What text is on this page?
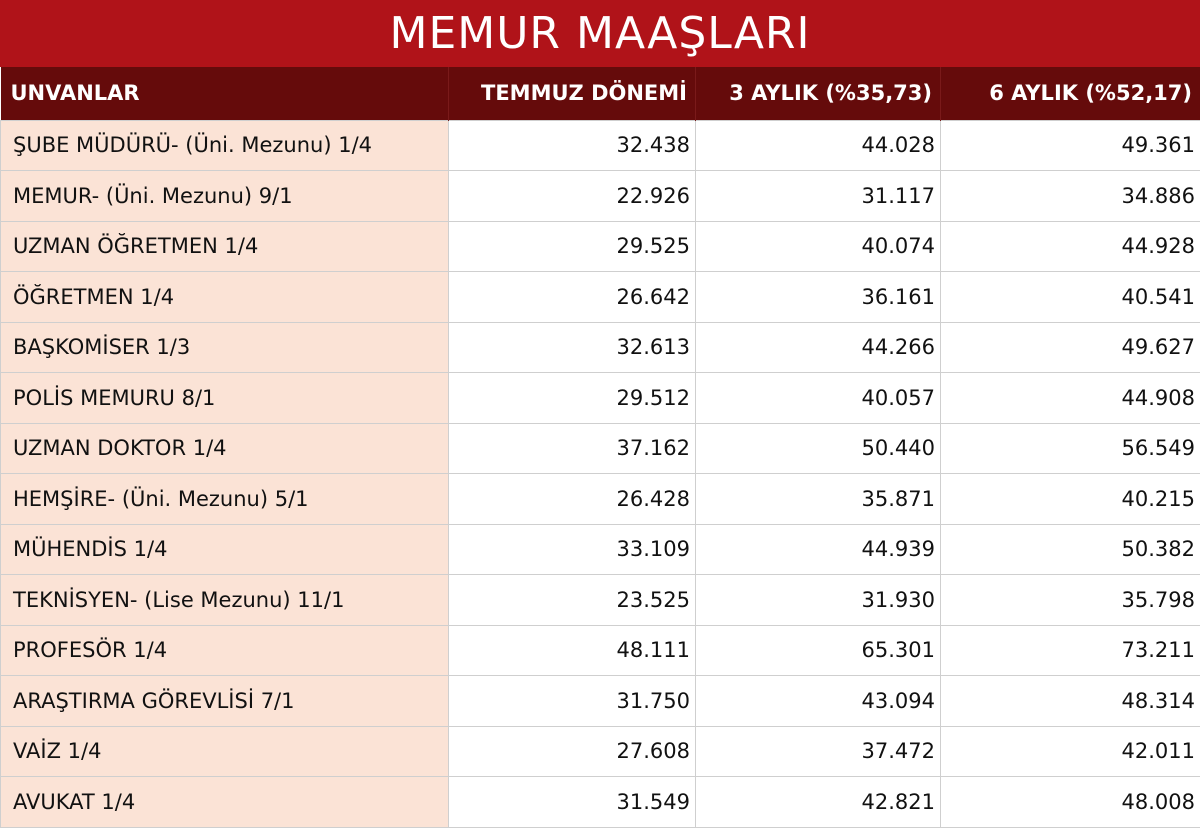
MEMUR MAAŞLARI
UNVANLAR	TEMMUZ DÖNEMİ	3 AYLIK (%35,73)	6 AYLIK (%52,17)
ŞUBE MÜDÜRÜ- (Üni. Mezunu) 1/4	32.438	44.028	49.361
MEMUR- (Üni. Mezunu) 9/1	22.926	31.117	34.886
UZMAN ÖĞRETMEN 1/4	29.525	40.074	44.928
ÖĞRETMEN 1/4	26.642	36.161	40.541
BAŞKOMİSER 1/3	32.613	44.266	49.627
POLİS MEMURU 8/1	29.512	40.057	44.908
UZMAN DOKTOR 1/4	37.162	50.440	56.549
HEMŞİRE- (Üni. Mezunu) 5/1	26.428	35.871	40.215
MÜHENDİS 1/4	33.109	44.939	50.382
TEKNİSYEN- (Lise Mezunu) 11/1	23.525	31.930	35.798
PROFESÖR 1/4	48.111	65.301	73.211
ARAŞTIRMA GÖREVLİSİ 7/1	31.750	43.094	48.314
VAİZ 1/4	27.608	37.472	42.011
AVUKAT 1/4	31.549	42.821	48.008
